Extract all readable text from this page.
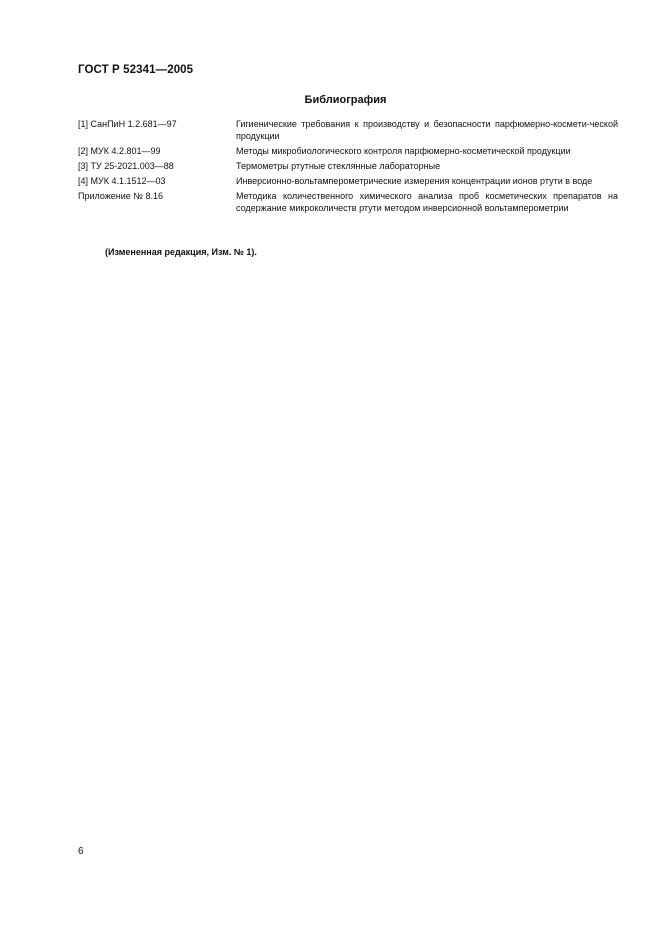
ГОСТ Р 52341—2005
Библиография
[1] СанПиН 1.2.681—97	Гигиенические требования к производству и безопасности парфюмерно-космети-ческой продукции
[2] МУК 4.2.801—99	Методы микробиологического контроля парфюмерно-косметической продукции
[3] ТУ 25-2021.003—88	Термометры ртутные стеклянные лабораторные
[4] МУК 4.1.1512—03	Инверсионно-вольтамперометрические измерения концентрации ионов ртути в воде
Приложение № 8.16	Методика количественного химического анализа проб косметических препаратов на содержание микроколичеств ртути методом инверсионной вольтамперометрии
(Измененная редакция, Изм. № 1).
6
